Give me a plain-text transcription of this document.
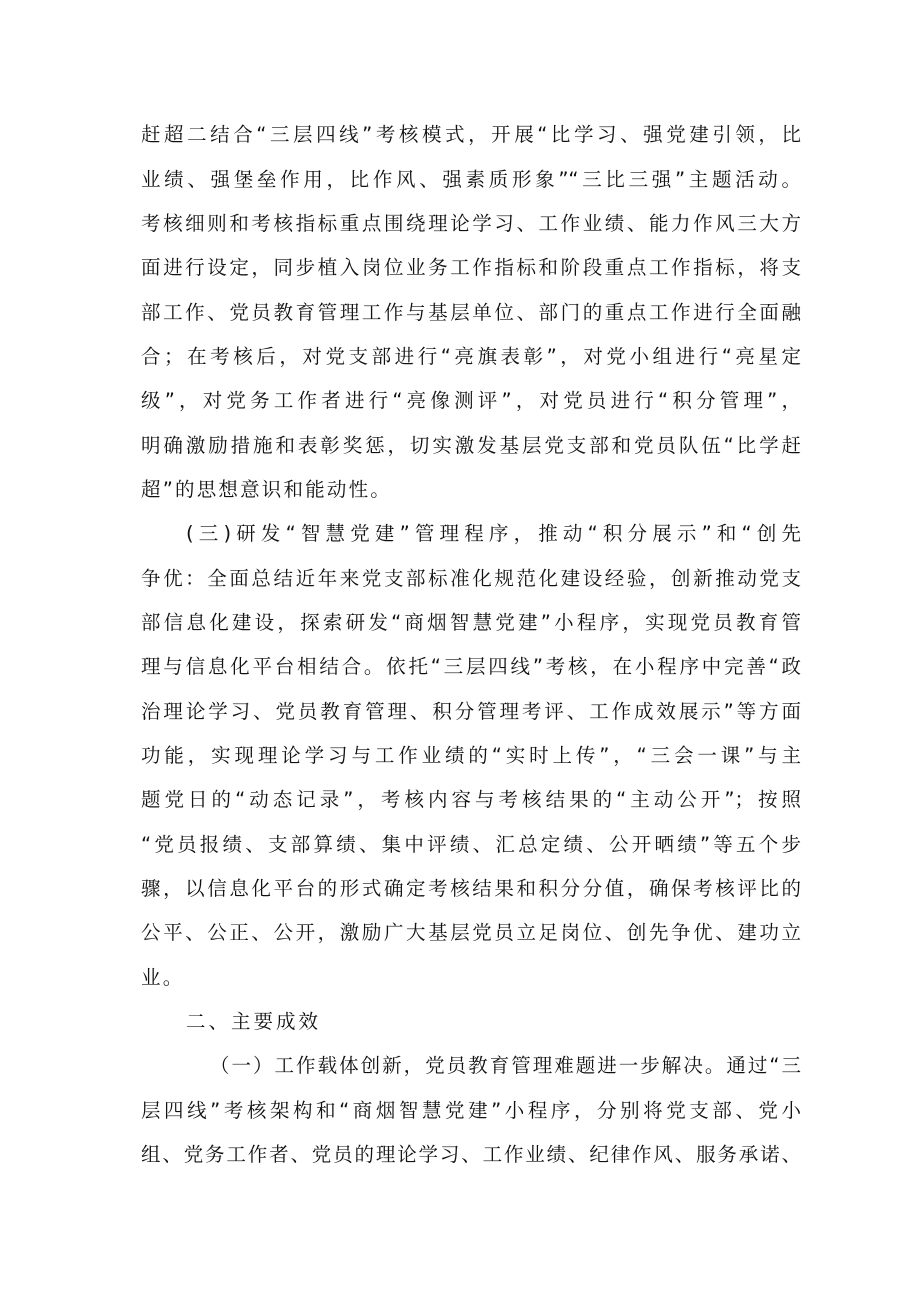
赶超二结合“三层四线”考核模式，开展“比学习、强党建引领，比
业绩、强堡垒作用，比作风、强素质形象”“三比三强”主题活动。
考核细则和考核指标重点围绕理论学习、工作业绩、能力作风三大方
面进行设定，同步植入岗位业务工作指标和阶段重点工作指标，将支
部工作、党员教育管理工作与基层单位、部门的重点工作进行全面融
合；在考核后，对党支部进行“亮旗表彰”，对党小组进行“亮星定
级”，对党务工作者进行“亮像测评”，对党员进行“积分管理”，
明确激励措施和表彰奖惩，切实激发基层党支部和党员队伍“比学赶
超”的思想意识和能动性。
(三)研发“智慧党建”管理程序，推动“积分展示”和“创先
争优：全面总结近年来党支部标准化规范化建设经验，创新推动党支
部信息化建设，探索研发“商烟智慧党建”小程序，实现党员教育管
理与信息化平台相结合。依托“三层四线”考核，在小程序中完善“政
治理论学习、党员教育管理、积分管理考评、工作成效展示”等方面
功能，实现理论学习与工作业绩的“实时上传”，“三会一课”与主
题党日的“动态记录”，考核内容与考核结果的“主动公开”；按照
“党员报绩、支部算绩、集中评绩、汇总定绩、公开晒绩”等五个步
骤，以信息化平台的形式确定考核结果和积分分值，确保考核评比的
公平、公正、公开，激励广大基层党员立足岗位、创先争优、建功立
业。
二、主要成效
（一）工作载体创新，党员教育管理难题进一步解决。通过“三
层四线”考核架构和“商烟智慧党建”小程序，分别将党支部、党小
组、党务工作者、党员的理论学习、工作业绩、纪律作风、服务承诺、
